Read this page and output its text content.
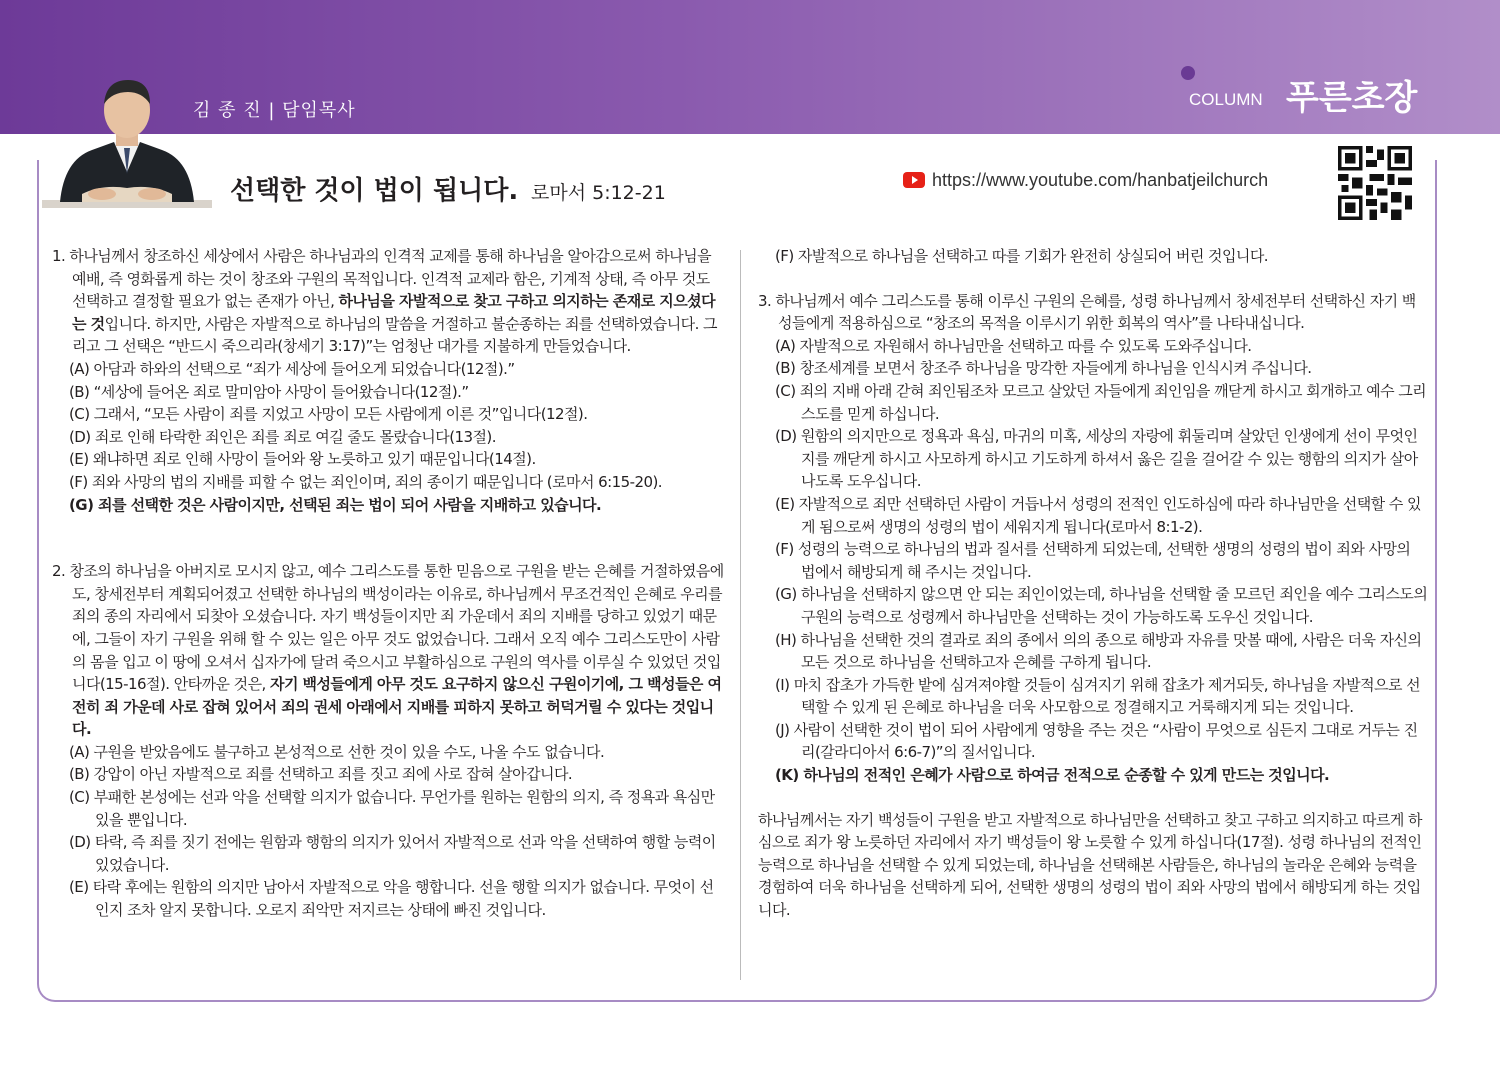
김 종 진 | 담임목사
COLUMN 푸른초장
선택한 것이 법이 됩니다. 로마서 5:12-21
https://www.youtube.com/hanbatjeilchurch

1. 하나님께서 창조하신 세상에서 사람은 하나님과의 인격적 교제를 통해 하나님을 알아감으로써 하나님을 예배, 즉 영화롭게 하는 것이 창조와 구원의 목적입니다. 인격적 교제라 함은, 기계적 상태, 즉 아무 것도 선택하고 결정할 필요가 없는 존재가 아닌, 하나님을 자발적으로 찾고 구하고 의지하는 존재로 지으셨다는 것입니다. 하지만, 사람은 자발적으로 하나님의 말씀을 거절하고 불순종하는 죄를 선택하였습니다. 그리고 그 선택은 “반드시 죽으리라(창세기 3:17)”는 엄청난 대가를 지불하게 만들었습니다.

(A) 아담과 하와의 선택으로 “죄가 세상에 들어오게 되었습니다(12절).”

(B) “세상에 들어온 죄로 말미암아 사망이 들어왔습니다(12절).”

(C) 그래서, “모든 사람이 죄를 지었고 사망이 모든 사람에게 이른 것”입니다(12절).

(D) 죄로 인해 타락한 죄인은 죄를 죄로 여길 줄도 몰랐습니다(13절).

(E) 왜냐하면 죄로 인해 사망이 들어와 왕 노릇하고 있기 때문입니다(14절).

(F) 죄와 사망의 법의 지배를 피할 수 없는 죄인이며, 죄의 종이기 때문입니다 (로마서 6:15-20).

(G) 죄를 선택한 것은 사람이지만, 선택된 죄는 법이 되어 사람을 지배하고 있습니다.

2. 창조의 하나님을 아버지로 모시지 않고, 예수 그리스도를 통한 믿음으로 구원을 받는 은혜를 거절하였음에도, 창세전부터 계획되어졌고 선택한 하나님의 백성이라는 이유로, 하나님께서 무조건적인 은혜로 우리를 죄의 종의 자리에서 되찾아 오셨습니다. 자기 백성들이지만 죄 가운데서 죄의 지배를 당하고 있었기 때문에, 그들이 자기 구원을 위해 할 수 있는 일은 아무 것도 없었습니다. 그래서 오직 예수 그리스도만이 사람의 몸을 입고 이 땅에 오셔서 십자가에 달려 죽으시고 부활하심으로 구원의 역사를 이루실 수 있었던 것입니다(15-16절). 안타까운 것은, 자기 백성들에게 아무 것도 요구하지 않으신 구원이기에, 그 백성들은 여전히 죄 가운데 사로 잡혀 있어서 죄의 권세 아래에서 지배를 피하지 못하고 허덕거릴 수 있다는 것입니다.

(A) 구원을 받았음에도 불구하고 본성적으로 선한 것이 있을 수도, 나올 수도 없습니다.

(B) 강압이 아닌 자발적으로 죄를 선택하고 죄를 짓고 죄에 사로 잡혀 살아갑니다.

(C) 부패한 본성에는 선과 악을 선택할 의지가 없습니다. 무언가를 원하는 원함의 의지, 즉 정욕과 욕심만 있을 뿐입니다.

(D) 타락, 즉 죄를 짓기 전에는 원함과 행함의 의지가 있어서 자발적으로 선과 악을 선택하여 행할 능력이 있었습니다.

(E) 타락 후에는 원함의 의지만 남아서 자발적으로 악을 행합니다. 선을 행할 의지가 없습니다. 무엇이 선인지 조차 알지 못합니다. 오로지 죄악만 저지르는 상태에 빠진 것입니다.

(F) 자발적으로 하나님을 선택하고 따를 기회가 완전히 상실되어 버린 것입니다.

3. 하나님께서 예수 그리스도를 통해 이루신 구원의 은혜를, 성령 하나님께서 창세전부터 선택하신 자기 백성들에게 적용하심으로 “창조의 목적을 이루시기 위한 회복의 역사”를 나타내십니다.

(A) 자발적으로 자원해서 하나님만을 선택하고 따를 수 있도록 도와주십니다.

(B) 창조세계를 보면서 창조주 하나님을 망각한 자들에게 하나님을 인식시켜 주십니다.

(C) 죄의 지배 아래 갇혀 죄인됨조차 모르고 살았던 자들에게 죄인임을 깨닫게 하시고 회개하고 예수 그리스도를 믿게 하십니다.

(D) 원함의 의지만으로 정욕과 욕심, 마귀의 미혹, 세상의 자랑에 휘둘리며 살았던 인생에게 선이 무엇인지를 깨닫게 하시고 사모하게 하시고 기도하게 하셔서 옳은 길을 걸어갈 수 있는 행함의 의지가 살아나도록 도우십니다.

(E) 자발적으로 죄만 선택하던 사람이 거듭나서 성령의 전적인 인도하심에 따라 하나님만을 선택할 수 있게 됨으로써 생명의 성령의 법이 세워지게 됩니다(로마서 8:1-2).

(F) 성령의 능력으로 하나님의 법과 질서를 선택하게 되었는데, 선택한 생명의 성령의 법이 죄와 사망의 법에서 해방되게 해 주시는 것입니다.

(G) 하나님을 선택하지 않으면 안 되는 죄인이었는데, 하나님을 선택할 줄 모르던 죄인을 예수 그리스도의 구원의 능력으로 성령께서 하나님만을 선택하는 것이 가능하도록 도우신 것입니다.

(H) 하나님을 선택한 것의 결과로 죄의 종에서 의의 종으로 해방과 자유를 맛볼 때에, 사람은 더욱 자신의 모든 것으로 하나님을 선택하고자 은혜를 구하게 됩니다.

(I) 마치 잡초가 가득한 밭에 심겨져야할 것들이 심겨지기 위해 잡초가 제거되듯, 하나님을 자발적으로 선택할 수 있게 된 은혜로 하나님을 더욱 사모함으로 정결해지고 거룩해지게 되는 것입니다.

(J) 사람이 선택한 것이 법이 되어 사람에게 영향을 주는 것은 “사람이 무엇으로 심든지 그대로 거두는 진리(갈라디아서 6:6-7)”의 질서입니다.

(K) 하나님의 전적인 은혜가 사람으로 하여금 전적으로 순종할 수 있게 만드는 것입니다.

하나님께서는 자기 백성들이 구원을 받고 자발적으로 하나님만을 선택하고 찾고 구하고 의지하고 따르게 하심으로 죄가 왕 노릇하던 자리에서 자기 백성들이 왕 노릇할 수 있게 하십니다(17절). 성령 하나님의 전적인 능력으로 하나님을 선택할 수 있게 되었는데, 하나님을 선택해본 사람들은, 하나님의 놀라운 은혜와 능력을 경험하여 더욱 하나님을 선택하게 되어, 선택한 생명의 성령의 법이 죄와 사망의 법에서 해방되게 하는 것입니다.
